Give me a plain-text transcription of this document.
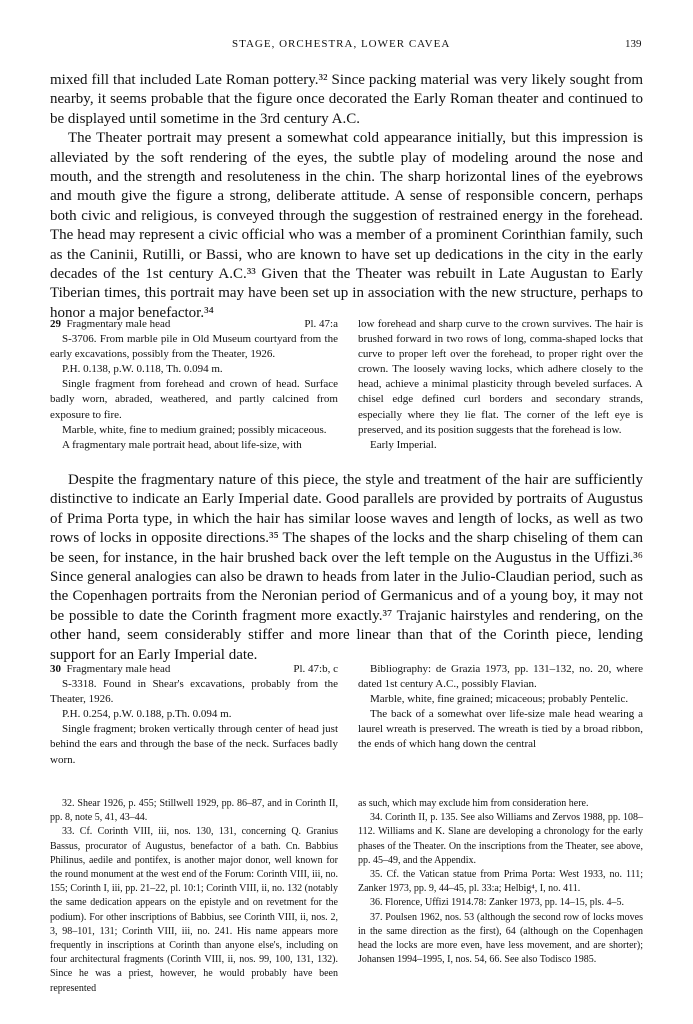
STAGE, ORCHESTRA, LOWER CAVEA	139

mixed fill that included Late Roman pottery.³² Since packing material was very likely sought from nearby, it seems probable that the figure once decorated the Early Roman theater and continued to be displayed until sometime in the 3rd century A.C.

The Theater portrait may present a somewhat cold appearance initially, but this impression is alleviated by the soft rendering of the eyes, the subtle play of modeling around the nose and mouth, and the strength and resoluteness in the chin. The sharp horizontal lines of the eyebrows and mouth give the figure a strong, deliberate attitude. A sense of responsible concern, perhaps both civic and religious, is conveyed through the suggestion of restrained energy in the forehead. The head may represent a civic official who was a member of a prominent Corinthian family, such as the Caninii, Rutilli, or Bassi, who are known to have set up dedications in the city in the early decades of the 1st century A.C.³³ Given that the Theater was rebuilt in Late Augustan to Early Tiberian times, this portrait may have been set up in association with the new structure, perhaps to honor a major benefactor.³⁴

29 Fragmentary male head	Pl. 47:a

S-3706. From marble pile in Old Museum courtyard from the early excavations, possibly from the Theater, 1926.

P.H. 0.138, p.W. 0.118, Th. 0.094 m.

Single fragment from forehead and crown of head. Surface badly worn, abraded, weathered, and partly calcined from exposure to fire.

Marble, white, fine to medium grained; possibly micaceous.

A fragmentary male portrait head, about life-size, with

low forehead and sharp curve to the crown survives. The hair is brushed forward in two rows of long, comma-shaped locks that curve to proper left over the forehead, to proper right over the crown. The loosely waving locks, which adhere closely to the head, achieve a minimal plasticity through beveled surfaces. A chisel edge defined curl borders and secondary strands, especially where they lie flat. The corner of the left eye is preserved, and its position suggests that the forehead is low.

Early Imperial.

Despite the fragmentary nature of this piece, the style and treatment of the hair are sufficiently distinctive to indicate an Early Imperial date. Good parallels are provided by portraits of Augustus of Prima Porta type, in which the hair has similar loose waves and length of locks, as well as two rows of locks in opposite directions.³⁵ The shapes of the locks and the sharp chiseling of them can be seen, for instance, in the hair brushed back over the left temple on the Augustus in the Uffizi.³⁶ Since general analogies can also be drawn to heads from later in the Julio-Claudian period, such as the Copenhagen portraits from the Neronian period of Germanicus and of a young boy, it may not be possible to date the Corinth fragment more exactly.³⁷ Trajanic hairstyles and rendering, on the other hand, seem considerably stiffer and more linear than that of the Corinth piece, lending support for an Early Imperial date.

30 Fragmentary male head	Pl. 47:b, c

S-3318. Found in Shear's excavations, probably from the Theater, 1926.

P.H. 0.254, p.W. 0.188, p.Th. 0.094 m.

Single fragment; broken vertically through center of head just behind the ears and through the base of the neck. Surfaces badly worn.

Bibliography: de Grazia 1973, pp. 131–132, no. 20, where dated 1st century A.C., possibly Flavian.

Marble, white, fine grained; micaceous; probably Pentelic.

The back of a somewhat over life-size male head wearing a laurel wreath is preserved. The wreath is tied by a broad ribbon, the ends of which hang down the central

32. Shear 1926, p. 455; Stillwell 1929, pp. 86–87, and in Corinth II, pp. 8, note 5, 41, 43–44.

33. Cf. Corinth VIII, iii, nos. 130, 131, concerning Q. Granius Bassus, procurator of Augustus, benefactor of a bath. Cn. Babbius Philinus, aedile and pontifex, is another major donor, well known for the round monument at the west end of the Forum: Corinth VIII, iii, no. 155; Corinth I, iii, pp. 21–22, pl. 10:1; Corinth VIII, ii, no. 132 (notably the same dedication appears on the epistyle and on revetment for the podium). For other inscriptions of Babbius, see Corinth VIII, ii, nos. 2, 3, 98–101, 131; Corinth VIII, iii, no. 241. His name appears more frequently in inscriptions at Corinth than anyone else's, including on four architectural fragments (Corinth VIII, ii, nos. 99, 100, 131, 132). Since he was a priest, however, he would probably have been represented

as such, which may exclude him from consideration here.

34. Corinth II, p. 135. See also Williams and Zervos 1988, pp. 108–112. Williams and K. Slane are developing a chronology for the early phases of the Theater. On the inscriptions from the Theater, see above, pp. 45–49, and the Appendix.

35. Cf. the Vatican statue from Prima Porta: West 1933, no. 111; Zanker 1973, pp. 9, 44–45, pl. 33:a; Helbig⁴, I, no. 411.

36. Florence, Uffizi 1914.78: Zanker 1973, pp. 14–15, pls. 4–5.

37. Poulsen 1962, nos. 53 (although the second row of locks moves in the same direction as the first), 64 (although on the Copenhagen head the locks are more even, have less movement, and are shorter); Johansen 1994–1995, I, nos. 54, 66. See also Todisco 1985.
